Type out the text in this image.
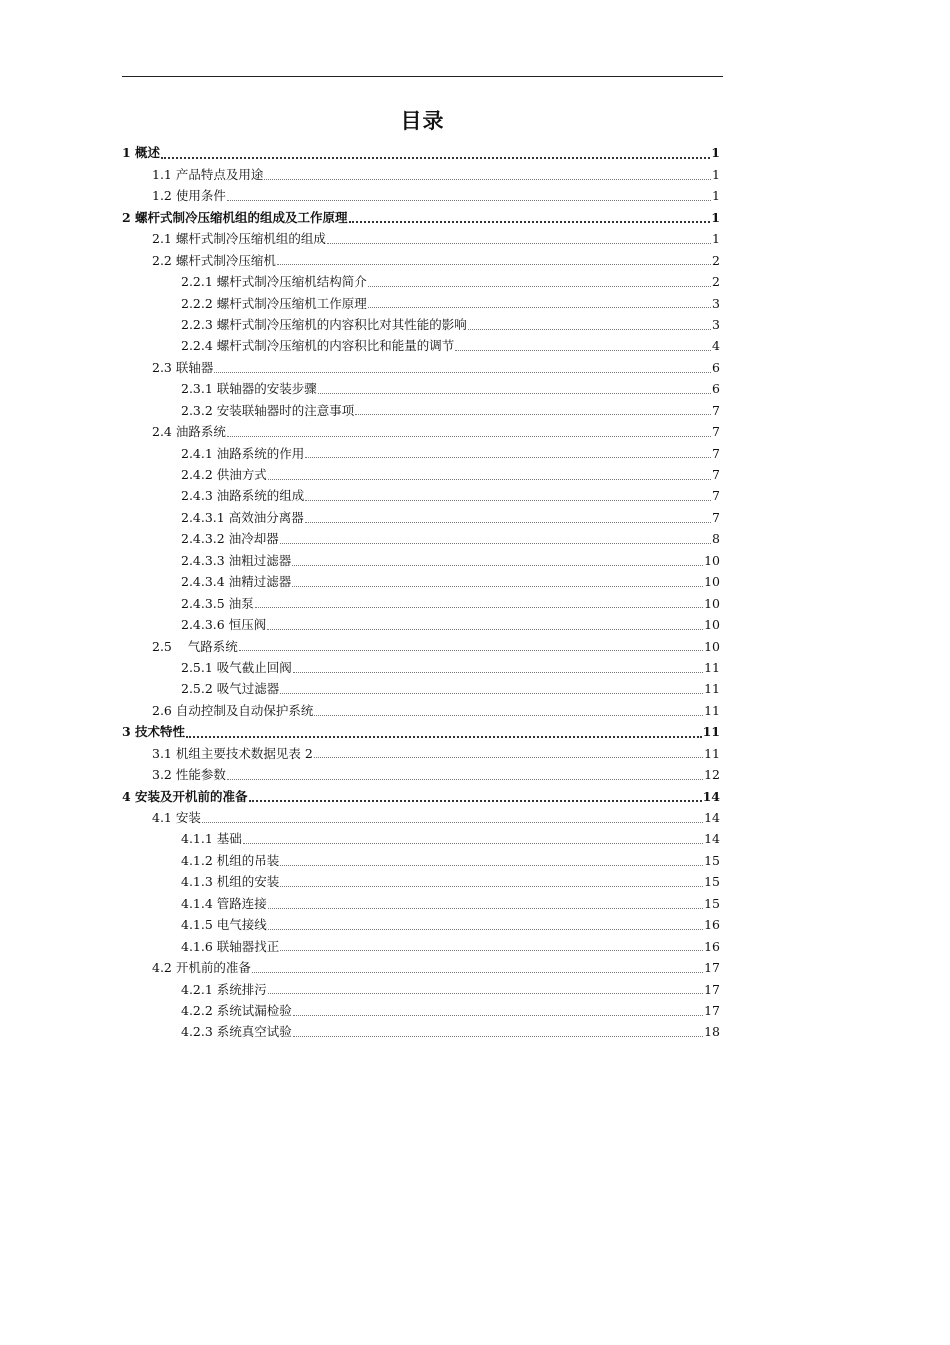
目录
1 概述	1
1.1 产品特点及用途	1
1.2 使用条件	1
2 螺杆式制冷压缩机组的组成及工作原理	1
2.1 螺杆式制冷压缩机组的组成	1
2.2 螺杆式制冷压缩机	2
2.2.1 螺杆式制冷压缩机结构简介	2
2.2.2 螺杆式制冷压缩机工作原理	3
2.2.3 螺杆式制冷压缩机的内容积比对其性能的影响	3
2.2.4 螺杆式制冷压缩机的内容积比和能量的调节	4
2.3 联轴器	6
2.3.1 联轴器的安装步骤	6
2.3.2 安装联轴器时的注意事项	7
2.4 油路系统	7
2.4.1 油路系统的作用	7
2.4.2 供油方式	7
2.4.3 油路系统的组成	7
2.4.3.1 高效油分离器	7
2.4.3.2 油冷却器	8
2.4.3.3 油粗过滤器	10
2.4.3.4 油精过滤器	10
2.4.3.5 油泵	10
2.4.3.6 恒压阀	10
2.5    气路系统	10
2.5.1 吸气截止回阀	11
2.5.2 吸气过滤器	11
2.6 自动控制及自动保护系统	11
3 技术特性	11
3.1 机组主要技术数据见表 2	11
3.2 性能参数	12
4 安装及开机前的准备	14
4.1 安装	14
4.1.1 基础	14
4.1.2 机组的吊装	15
4.1.3 机组的安装	15
4.1.4 管路连接	15
4.1.5 电气接线	16
4.1.6 联轴器找正	16
4.2 开机前的准备	17
4.2.1 系统排污	17
4.2.2 系统试漏检验	17
4.2.3 系统真空试验	18
